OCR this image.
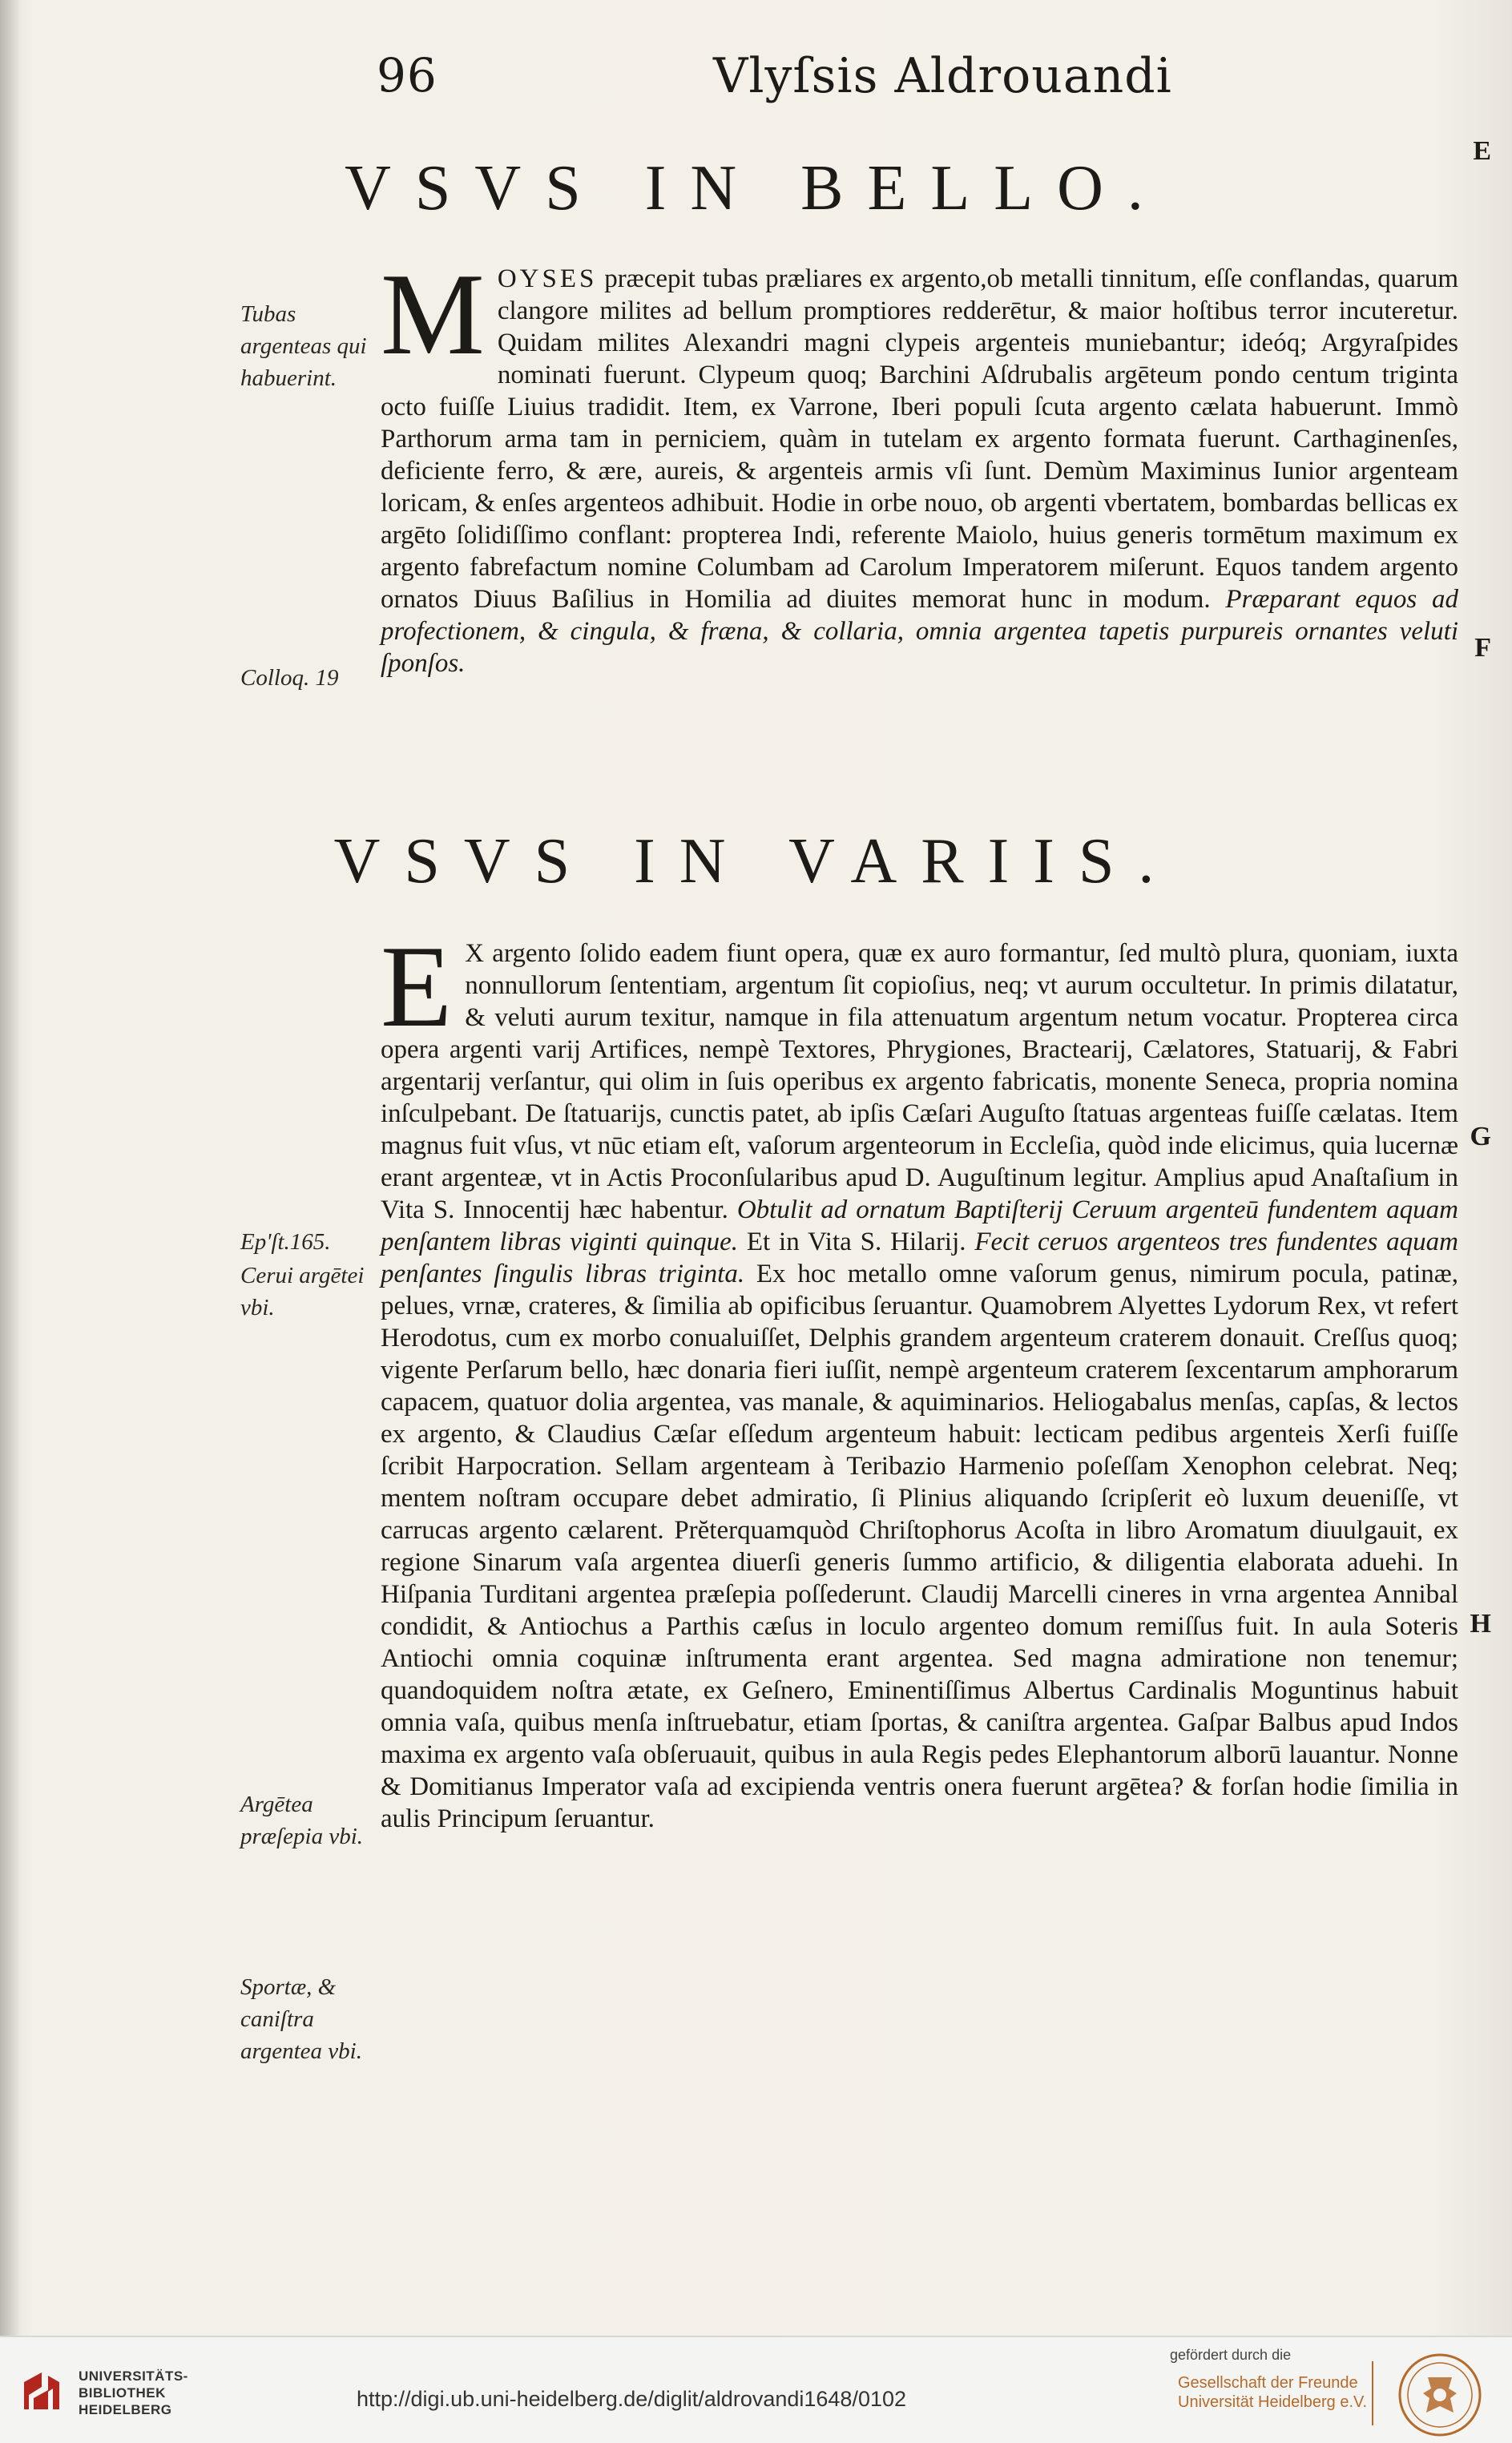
96	Vlyſsis Aldrouandi
E
F
G
H
VSVS IN BELLO.
M OYSES præcepit tubas præliares ex argento,ob metalli tinnitum, eſſe conflandas, quarum clangore milites ad bellum promptiores redderētur, & maior hoſtibus terror incuteretur. Quidam milites Alexandri magni clypeis argenteis muniebantur; ideóq; Argyraſpides nominati fuerunt. Clypeum quoq; Barchini Aſdrubalis argēteum pondo centum triginta octo fuiſſe Liuius tradidit. Item, ex Varrone, Iberi populi ſcuta argento cælata habuerunt. Immò Parthorum arma tam in perniciem, quàm in tutelam ex argento formata fuerunt. Carthaginenſes, deficiente ferro, & ære, aureis, & argenteis armis vſi ſunt. Demùm Maximinus Iunior argenteam loricam, & enſes argenteos adhibuit. Hodie in orbe nouo, ob argenti vbertatem, bombardas bellicas ex argēto ſolidiſſimo conflant: propterea Indi, referente Maiolo, huius generis tormētum maximum ex argento fabrefactum nomine Columbam ad Carolum Imperatorem miſerunt. Equos tandem argento ornatos Diuus Baſilius in Homilia ad diuites memorat hunc in modum. Præparant equos ad profectionem, & cingula, & fræna, & collaria, omnia argentea tapetis purpureis ornantes veluti ſponſos.
VSVS IN VARIIS.
E X argento ſolido eadem fiunt opera, quæ ex auro formantur, ſed multò plura, quoniam, iuxta nonnullorum ſententiam, argentum ſit copioſius, neq; vt aurum occultetur. In primis dilatatur, & veluti aurum texitur, namque in fila attenuatum argentum netum vocatur. Propterea circa opera argenti varij Artifices, nempè Textores, Phrygiones, Bractearij, Cælatores, Statuarij, & Fabri argentarij verſantur, qui olim in ſuis operibus ex argento fabricatis, monente Seneca, propria nomina inſculpebant. De ſtatuarijs, cunctis patet, ab ipſis Cæſari Auguſto ſtatuas argenteas fuiſſe cælatas. Item magnus fuit vſus, vt nūc etiam eſt, vaſorum argenteorum in Eccleſia, quòd inde elicimus, quia lucernæ erant argenteæ, vt in Actis Proconſularibus apud D. Auguſtinum legitur. Amplius apud Anaſtaſium in Vita S. Innocentij hæc habentur. Obtulit ad ornatum Baptiſterij Ceruum argenteū fundentem aquam penſantem libras viginti quinque. Et in Vita S. Hilarij. Fecit ceruos argenteos tres fundentes aquam penſantes ſingulis libras triginta. Ex hoc metallo omne vaſorum genus, nimirum pocula, patinæ, pelues, vrnæ, crateres, & ſimilia ab opificibus ſeruantur. Quamobrem Alyettes Lydorum Rex, vt refert Herodotus, cum ex morbo conualuiſſet, Delphis grandem argenteum craterem donauit. Creſſus quoq; vigente Perſarum bello, hæc donaria fieri iuſſit, nempè argenteum craterem ſexcentarum amphorarum capacem, quatuor dolia argentea, vas manale, & aquiminarios. Heliogabalus menſas, capſas, & lectos ex argento, & Claudius Cæſar eſſedum argenteum habuit: lecticam pedibus argenteis Xerſi fuiſſe ſcribit Harpocration. Sellam argenteam à Teribazio Harmenio poſeſſam Xenophon celebrat. Neq; mentem noſtram occupare debet admiratio, ſi Plinius aliquando ſcripſerit eò luxum deueniſſe, vt carrucas argento cælarent. Prĕterquamquòd Chriſtophorus Acoſta in libro Aromatum diuulgauit, ex regione Sinarum vaſa argentea diuerſi generis ſummo artificio, & diligentia elaborata aduehi. In Hiſpania Turditani argentea præſepia poſſederunt. Claudij Marcelli cineres in vrna argentea Annibal condidit, & Antiochus a Parthis cæſus in loculo argenteo domum remiſſus fuit. In aula Soteris Antiochi omnia coquinæ inſtrumenta erant argentea. Sed magna admiratione non tenemur; quandoquidem noſtra ætate, ex Geſnero, Eminentiſſimus Albertus Cardinalis Moguntinus habuit omnia vaſa, quibus menſa inſtruebatur, etiam ſportas, & caniſtra argentea. Gaſpar Balbus apud Indos maxima ex argento vaſa obſeruauit, quibus in aula Regis pedes Elephantorum alborū lauantur. Nonne & Domitianus Imperator vaſa ad excipienda ventris onera fuerunt argētea? & forſan hodie ſimilia in aulis Principum ſeruantur.
Tubas argenteas qui habuerint.
Colloq. 19
Ep'ſt.165.
Cerui argētei vbi.
Argētea præſepia vbi.
Sportæ, & caniſtra argentea vbi.
UNIVERSITÄTS-
BIBLIOTHEK
HEIDELBERG	http://digi.ub.uni-heidelberg.de/diglit/aldrovandi1648/0102
gefördert durch die
Gesellschaft der Freunde
Universität Heidelberg e.V.
